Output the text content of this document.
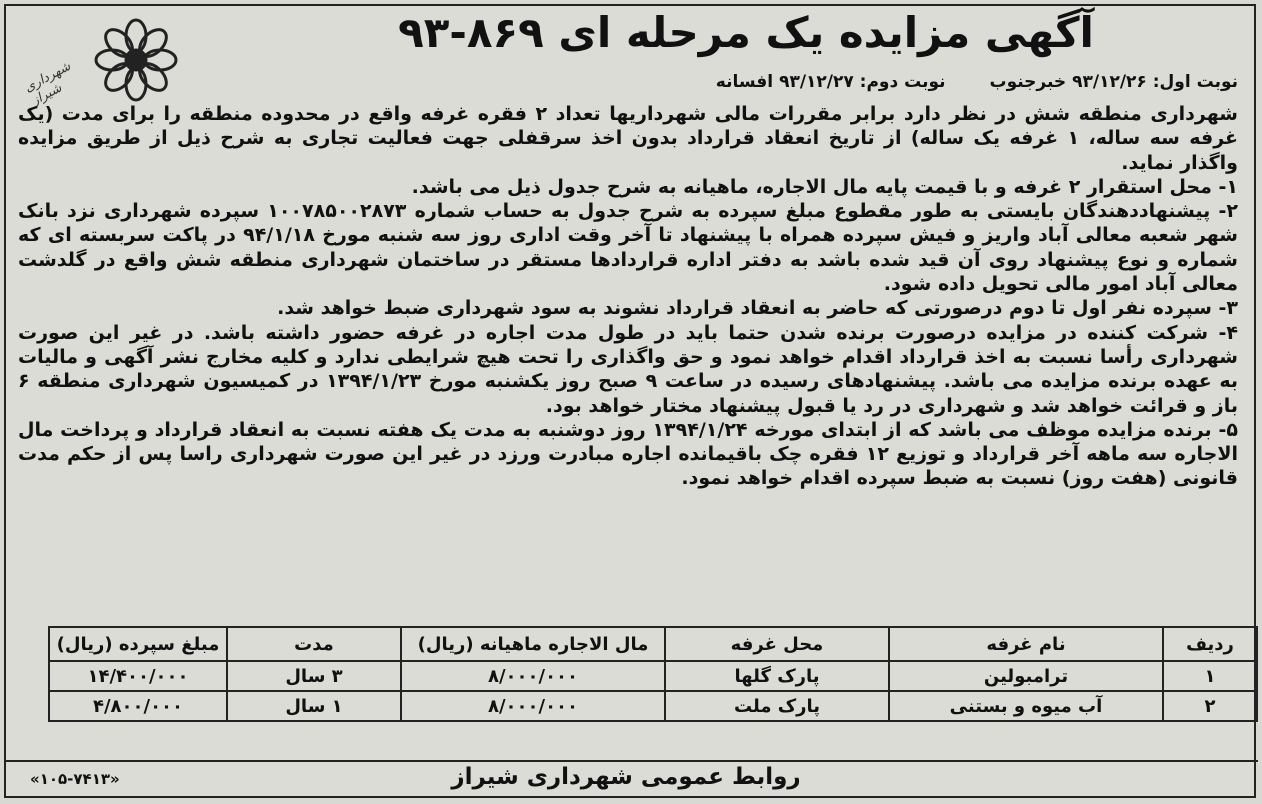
شهرداری شیراز
آگهی مزایده یک مرحله ای ۸۶۹-۹۳
نوبت اول: ۹۳/۱۲/۲۶ خبرجنوب نوبت دوم: ۹۳/۱۲/۲۷ افسانه

شهرداری منطقه شش در نظر دارد برابر مقررات مالی شهرداریها تعداد ۲ فقره غرفه واقع در محدوده منطقه را برای مدت (یک غرفه سه ساله، ۱ غرفه یک ساله) از تاریخ انعقاد قرارداد بدون اخذ سرقفلی جهت فعالیت تجاری به شرح ذیل از طریق مزایده واگذار نماید.

۱- محل استقرار ۲ غرفه و با قیمت پایه مال الاجاره، ماهیانه به شرح جدول ذیل می باشد.

۲- پیشنهاددهندگان بایستی به طور مقطوع مبلغ سپرده به شرح جدول به حساب شماره ۱۰۰۷۸۵۰۰۲۸۷۳ سپرده شهرداری نزد بانک شهر شعبه معالی آباد واریز و فیش سپرده همراه با پیشنهاد تا آخر وقت اداری روز سه شنبه مورخ ۹۴/۱/۱۸ در پاکت سربسته ای که شماره و نوع پیشنهاد روی آن قید شده باشد به دفتر اداره قراردادها مستقر در ساختمان شهرداری منطقه شش واقع در گلدشت معالی آباد امور مالی تحویل داده شود.

۳- سپرده نفر اول تا دوم درصورتی که حاضر به انعقاد قرارداد نشوند به سود شهرداری ضبط خواهد شد.

۴- شرکت کننده در مزایده درصورت برنده شدن حتما باید در طول مدت اجاره در غرفه حضور داشته باشد. در غیر این صورت شهرداری رأسا نسبت به اخذ قرارداد اقدام خواهد نمود و حق واگذاری را تحت هیچ شرایطی ندارد و کلیه مخارج نشر آگهی و مالیات به عهده برنده مزایده می باشد. پیشنهادهای رسیده در ساعت ۹ صبح روز یکشنبه مورخ ۱۳۹۴/۱/۲۳ در کمیسیون شهرداری منطقه ۶ باز و قرائت خواهد شد و شهرداری در رد یا قبول پیشنهاد مختار خواهد بود.

۵- برنده مزایده موظف می باشد که از ابتدای مورخه ۱۳۹۴/۱/۲۴ روز دوشنبه به مدت یک هفته نسبت به انعقاد قرارداد و پرداخت مال الاجاره سه ماهه آخر قرارداد و توزیع ۱۲ فقره چک باقیمانده اجاره مبادرت ورزد در غیر این صورت شهرداری راسا پس از حکم مدت قانونی (هفت روز) نسبت به ضبط سپرده اقدام خواهد نمود.

ردیف	نام غرفه	محل غرفه	مال الاجاره ماهیانه (ریال)	مدت	مبلغ سپرده (ریال)
۱	ترامبولین	پارک گلها	۸/۰۰۰/۰۰۰	۳ سال	۱۴/۴۰۰/۰۰۰
۲	آب میوه و بستنی	پارک ملت	۸/۰۰۰/۰۰۰	۱ سال	۴/۸۰۰/۰۰۰
روابط عمومی شهرداری شیراز
«۱۰۵-۷۴۱۳»
